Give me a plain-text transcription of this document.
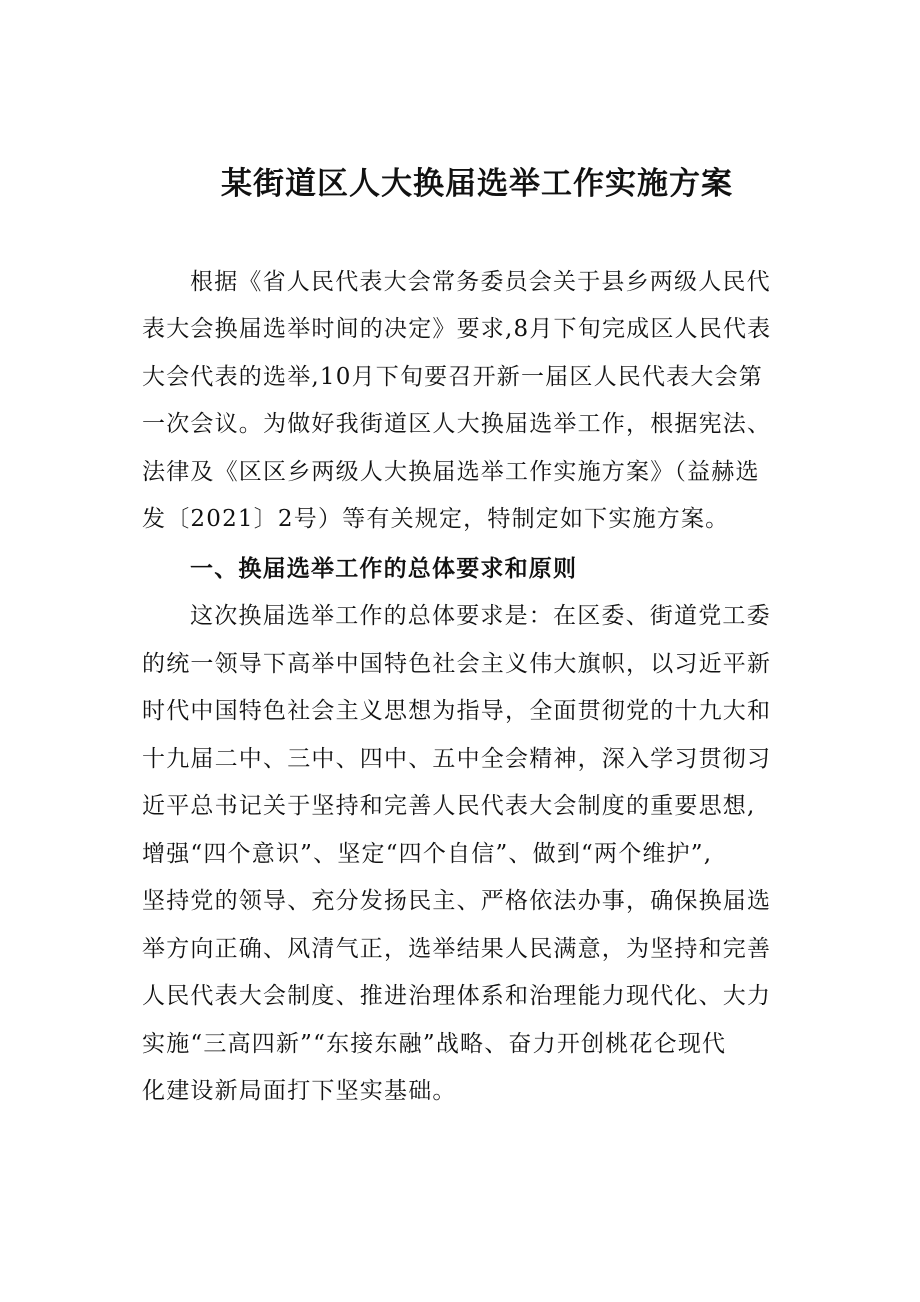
某街道区人大换届选举工作实施方案
根据《省人民代表大会常务委员会关于县乡两级人民代
表大会换届选举时间的决定》要求,8月下旬完成区人民代表
大会代表的选举,10月下旬要召开新一届区人民代表大会第
一次会议。为做好我街道区人大换届选举工作，根据宪法、
法律及《区区乡两级人大换届选举工作实施方案》（益赫选
发〔2021〕2号）等有关规定，特制定如下实施方案。
一、换届选举工作的总体要求和原则
这次换届选举工作的总体要求是：在区委、街道党工委
的统一领导下高举中国特色社会主义伟大旗帜，以习近平新
时代中国特色社会主义思想为指导，全面贯彻党的十九大和
十九届二中、三中、四中、五中全会精神，深入学习贯彻习
近平总书记关于坚持和完善人民代表大会制度的重要思想,
增强“四个意识”、坚定“四个自信”、做到“两个维护”,
坚持党的领导、充分发扬民主、严格依法办事，确保换届选
举方向正确、风清气正，选举结果人民满意，为坚持和完善
人民代表大会制度、推进治理体系和治理能力现代化、大力
实施“三高四新”“东接东融”战略、奋力开创桃花仑现代
化建设新局面打下坚实基础。
